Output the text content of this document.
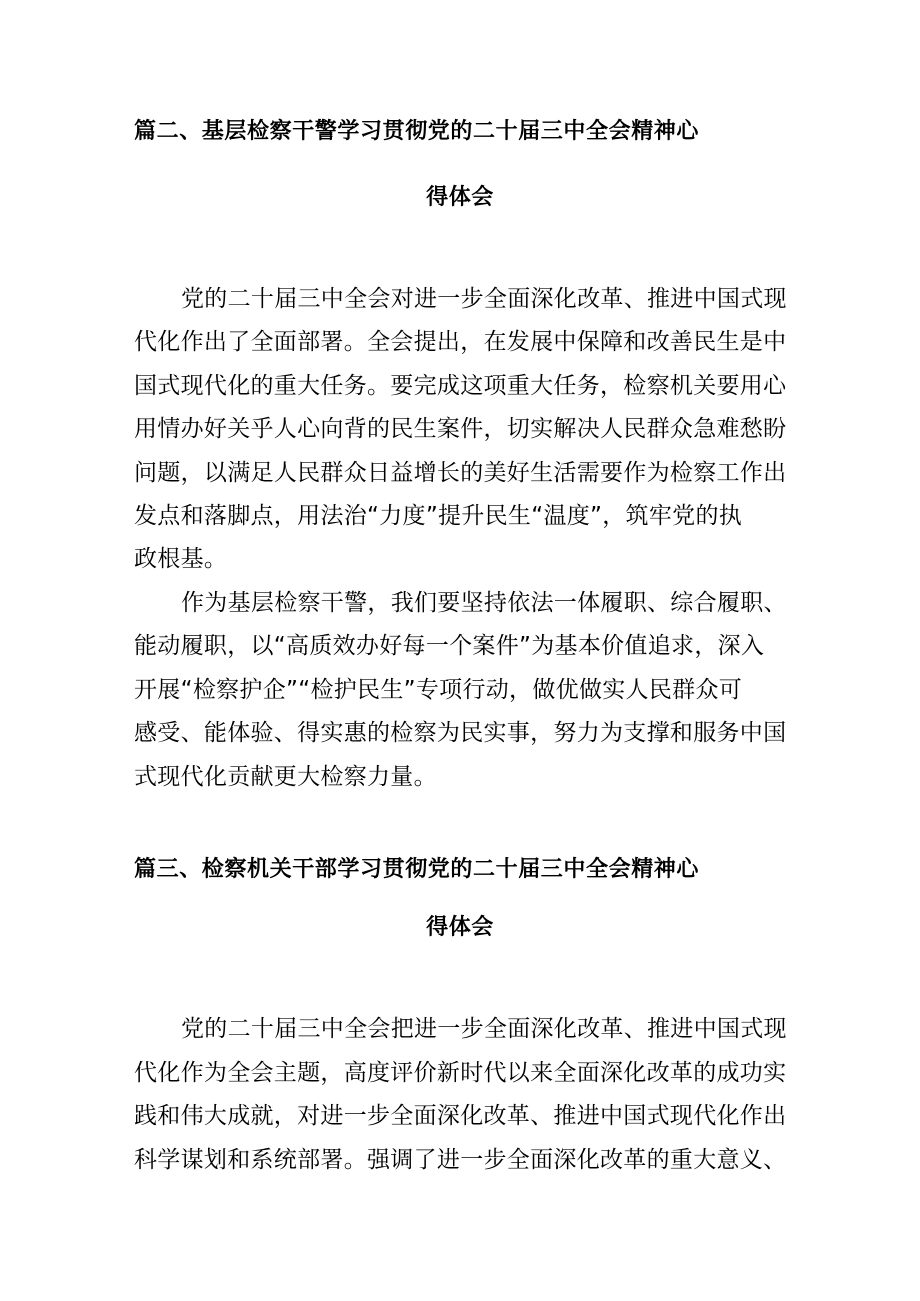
篇二、基层检察干警学习贯彻党的二十届三中全会精神心
得体会
党的二十届三中全会对进一步全面深化改革、推进中国式现
代化作出了全面部署。全会提出，在发展中保障和改善民生是中
国式现代化的重大任务。要完成这项重大任务，检察机关要用心
用情办好关乎人心向背的民生案件，切实解决人民群众急难愁盼
问题，以满足人民群众日益增长的美好生活需要作为检察工作出
发点和落脚点，用法治“力度”提升民生“温度”，筑牢党的执
政根基。
作为基层检察干警，我们要坚持依法一体履职、综合履职、
能动履职，以“高质效办好每一个案件”为基本价值追求，深入
开展“检察护企”“检护民生”专项行动，做优做实人民群众可
感受、能体验、得实惠的检察为民实事，努力为支撑和服务中国
式现代化贡献更大检察力量。
篇三、检察机关干部学习贯彻党的二十届三中全会精神心
得体会
党的二十届三中全会把进一步全面深化改革、推进中国式现
代化作为全会主题，高度评价新时代以来全面深化改革的成功实
践和伟大成就，对进一步全面深化改革、推进中国式现代化作出
科学谋划和系统部署。强调了进一步全面深化改革的重大意义、
